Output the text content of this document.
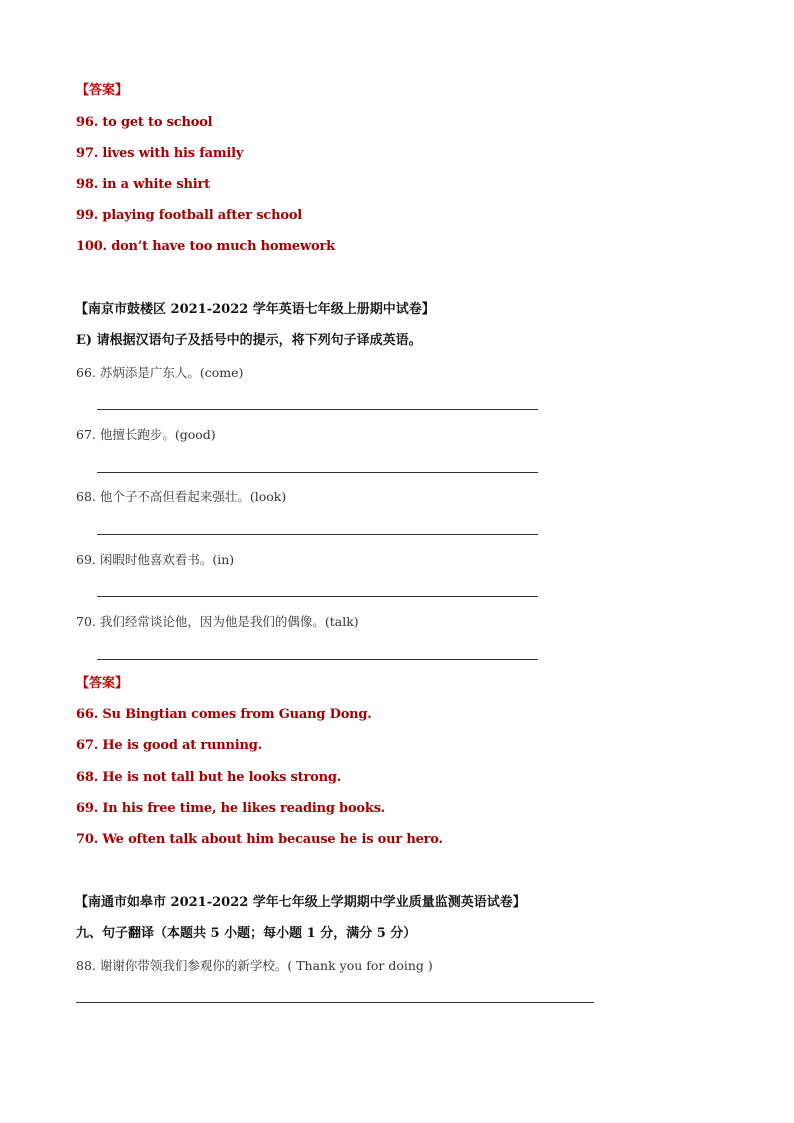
【答案】
96. to get to school
97. lives with his family
98. in a white shirt
99. playing football after school
100. don’t have too much homework
【南京市鼓楼区 2021-2022 学年英语七年级上册期中试卷】
E) 请根据汉语句子及括号中的提示，将下列句子译成英语。
66. 苏炳添是广东人。(come)
67. 他擅长跑步。(good)
68. 他个子不高但看起来强壮。(look)
69. 闲暇时他喜欢看书。(in)
70. 我们经常谈论他，因为他是我们的偶像。(talk)
【答案】
66. Su Bingtian comes from Guang Dong.
67. He is good at running.
68. He is not tall but he looks strong.
69. In his free time, he likes reading books.
70. We often talk about him because he is our hero.
【南通市如皋市 2021-2022 学年七年级上学期期中学业质量监测英语试卷】
九、句子翻译（本题共 5 小题；每小题 1 分，满分 5 分）
88. 谢谢你带领我们参观你的新学校。( Thank you for doing )
